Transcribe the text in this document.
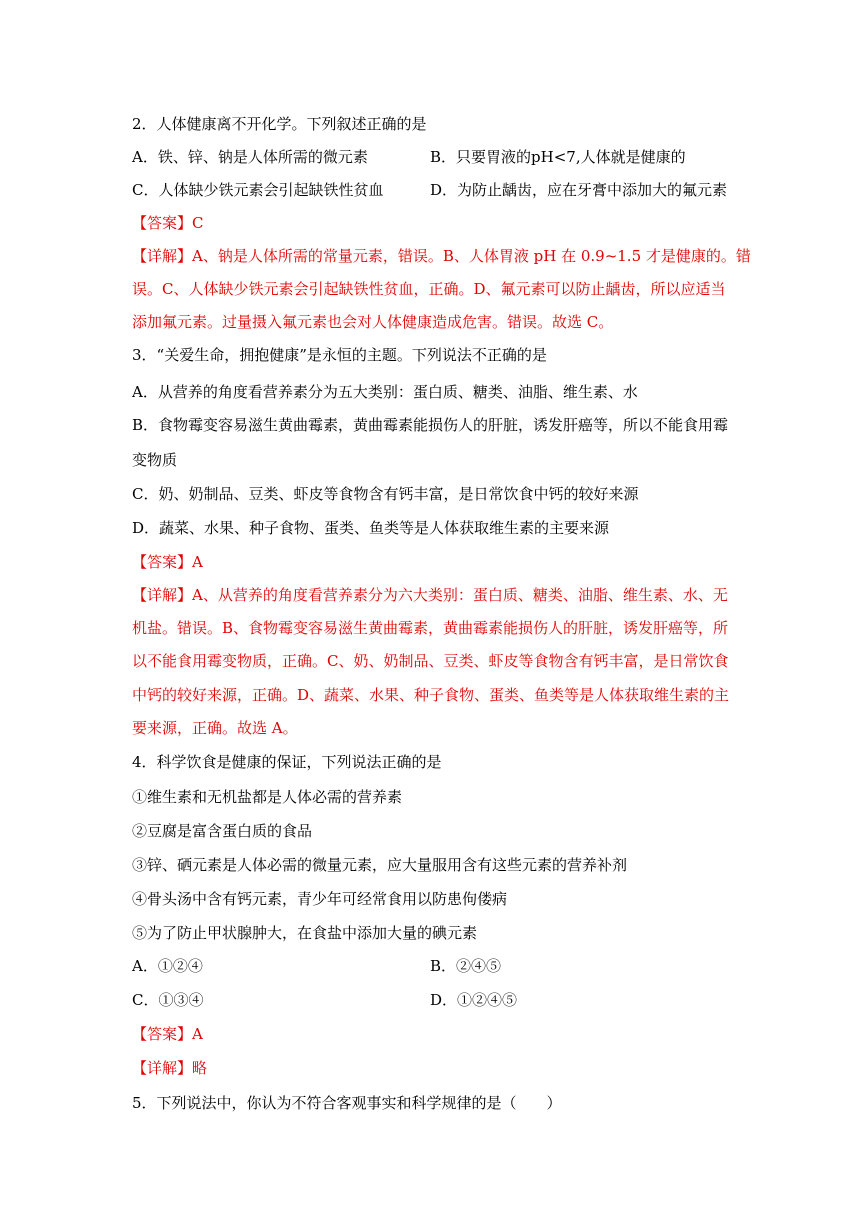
2．人体健康离不开化学。下列叙述正确的是
A．铁、锌、钠是人体所需的微元素	B．只要胃液的pH<7,人体就是健康的
C．人体缺少铁元素会引起缺铁性贫血	D．为防止龋齿，应在牙膏中添加大的氟元素
【答案】C
【详解】A、钠是人体所需的常量元素，错误。B、人体胃液 pH 在 0.9~1.5 才是健康的。错
误。C、人体缺少铁元素会引起缺铁性贫血，正确。D、氟元素可以防止龋齿，所以应适当
添加氟元素。过量摄入氟元素也会对人体健康造成危害。错误。故选 C。
3．“关爱生命，拥抱健康”是永恒的主题。下列说法不正确的是
A．从营养的角度看营养素分为五大类别：蛋白质、糖类、油脂、维生素、水
B．食物霉变容易滋生黄曲霉素，黄曲霉素能损伤人的肝脏，诱发肝癌等，所以不能食用霉
变物质
C．奶、奶制品、豆类、虾皮等食物含有钙丰富，是日常饮食中钙的较好来源
D．蔬菜、水果、种子食物、蛋类、鱼类等是人体获取维生素的主要来源
【答案】A
【详解】A、从营养的角度看营养素分为六大类别：蛋白质、糖类、油脂、维生素、水、无
机盐。错误。B、食物霉变容易滋生黄曲霉素，黄曲霉素能损伤人的肝脏，诱发肝癌等，所
以不能食用霉变物质，正确。C、奶、奶制品、豆类、虾皮等食物含有钙丰富，是日常饮食
中钙的较好来源，正确。D、蔬菜、水果、种子食物、蛋类、鱼类等是人体获取维生素的主
要来源，正确。故选 A。
4．科学饮食是健康的保证，下列说法正确的是
①维生素和无机盐都是人体必需的营养素
②豆腐是富含蛋白质的食品
③锌、硒元素是人体必需的微量元素，应大量服用含有这些元素的营养补剂
④骨头汤中含有钙元素，青少年可经常食用以防患佝偻病
⑤为了防止甲状腺肿大，在食盐中添加大量的碘元素
A．①②④	B．②④⑤
C．①③④	D．①②④⑤
【答案】A
【详解】略
5．下列说法中，你认为不符合客观事实和科学规律的是（　　）
